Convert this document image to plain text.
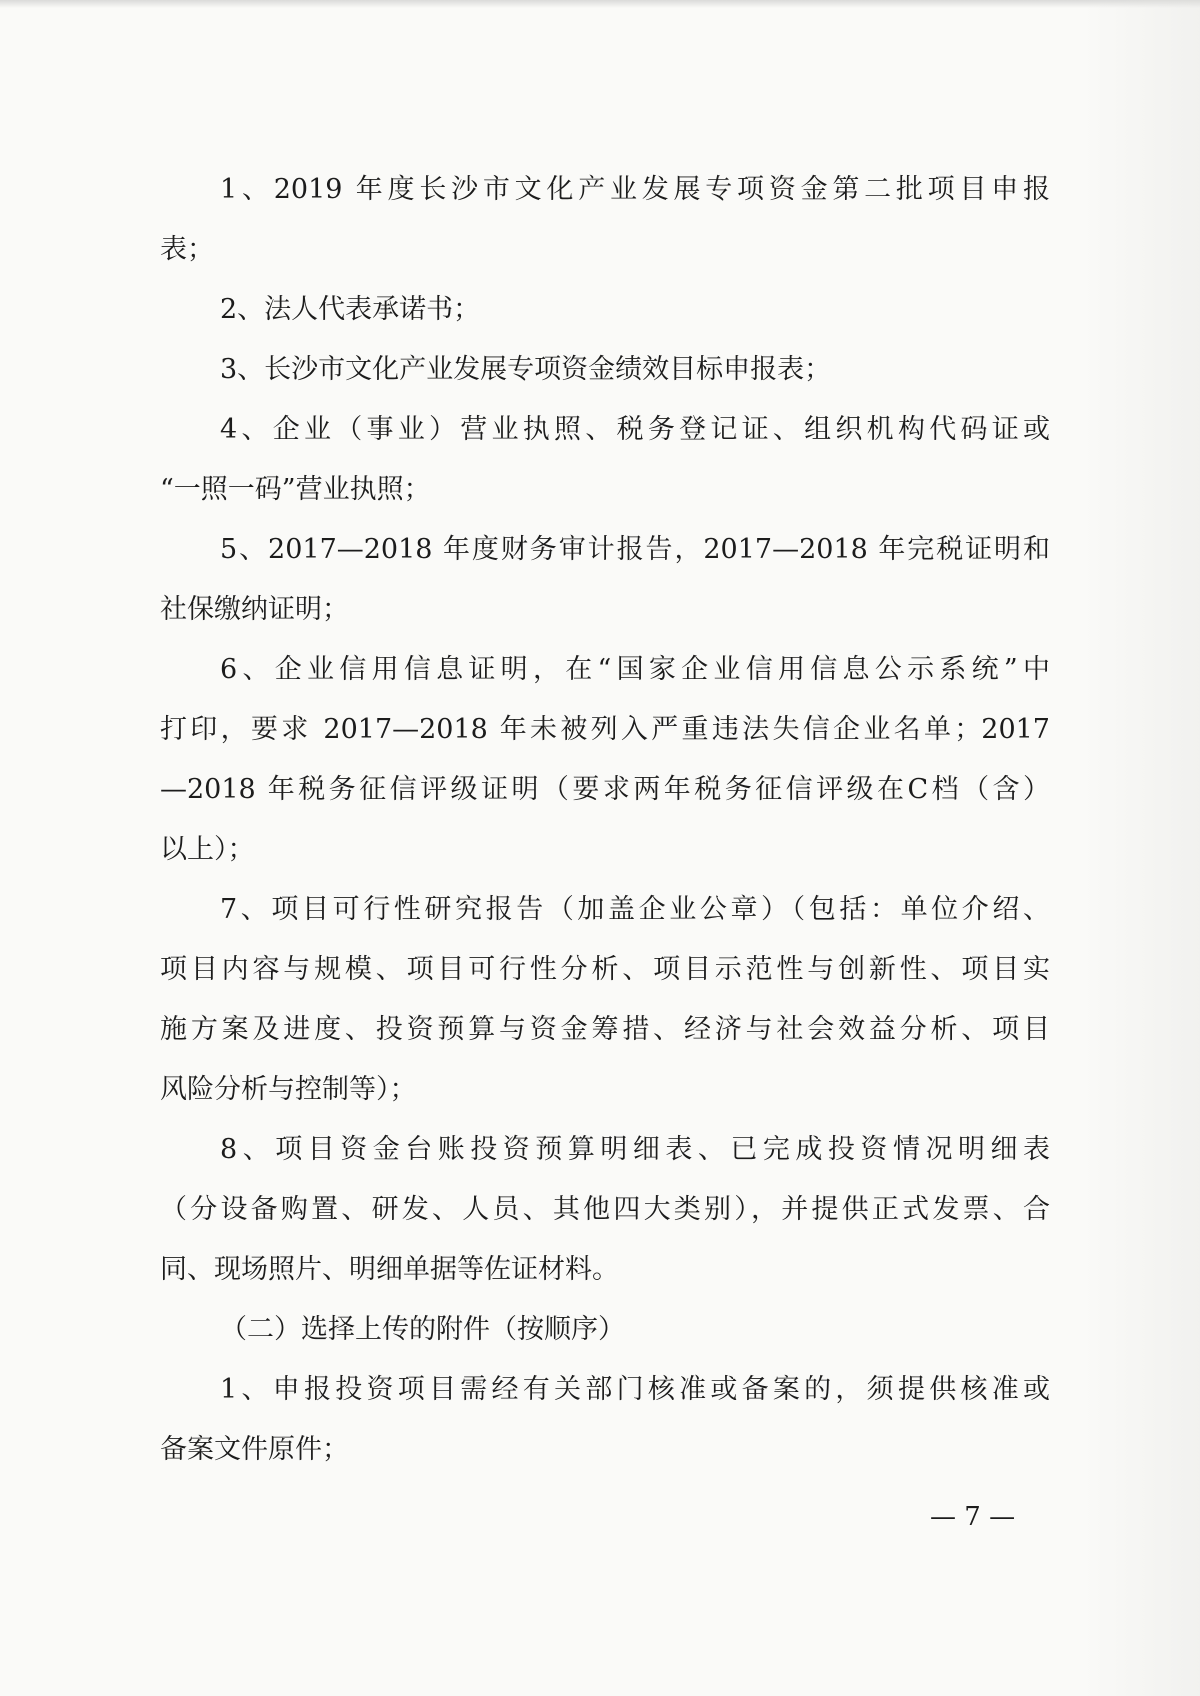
1、2019 年度长沙市文化产业发展专项资金第二批项目申报
表；
2、法人代表承诺书；
3、长沙市文化产业发展专项资金绩效目标申报表；
4、企业（事业）营业执照、税务登记证、组织机构代码证或
“一照一码”营业执照；
5、2017—2018 年度财务审计报告，2017—2018 年完税证明和
社保缴纳证明；
6、企业信用信息证明，在“国家企业信用信息公示系统”中
打印，要求 2017—2018 年未被列入严重违法失信企业名单；2017
—2018 年税务征信评级证明（要求两年税务征信评级在C档（含）
以上）；
7、项目可行性研究报告（加盖企业公章）（包括：单位介绍、
项目内容与规模、项目可行性分析、项目示范性与创新性、项目实
施方案及进度、投资预算与资金筹措、经济与社会效益分析、项目
风险分析与控制等）；
8、项目资金台账投资预算明细表、已完成投资情况明细表
（分设备购置、研发、人员、其他四大类别），并提供正式发票、合
同、现场照片、明细单据等佐证材料。
（二）选择上传的附件（按顺序）
1、申报投资项目需经有关部门核准或备案的，须提供核准或
备案文件原件；
— 7 —
